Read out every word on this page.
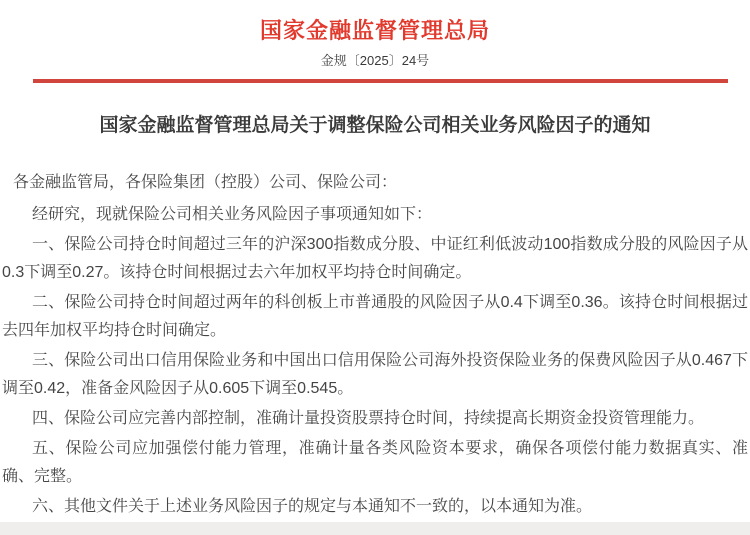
国家金融监督管理总局
金规〔2025〕24号
国家金融监督管理总局关于调整保险公司相关业务风险因子的通知

各金融监管局，各保险集团（控股）公司、保险公司：

经研究，现就保险公司相关业务风险因子事项通知如下：

一、保险公司持仓时间超过三年的沪深300指数成分股、中证红利低波动100指数成分股的风险因子从0.3下调至0.27。该持仓时间根据过去六年加权平均持仓时间确定。

二、保险公司持仓时间超过两年的科创板上市普通股的风险因子从0.4下调至0.36。该持仓时间根据过去四年加权平均持仓时间确定。

三、保险公司出口信用保险业务和中国出口信用保险公司海外投资保险业务的保费风险因子从0.467下调至0.42，准备金风险因子从0.605下调至0.545。

四、保险公司应完善内部控制，准确计量投资股票持仓时间，持续提高长期资金投资管理能力。

五、保险公司应加强偿付能力管理，准确计量各类风险资本要求，确保各项偿付能力数据真实、准确、完整。

六、其他文件关于上述业务风险因子的规定与本通知不一致的，以本通知为准。
